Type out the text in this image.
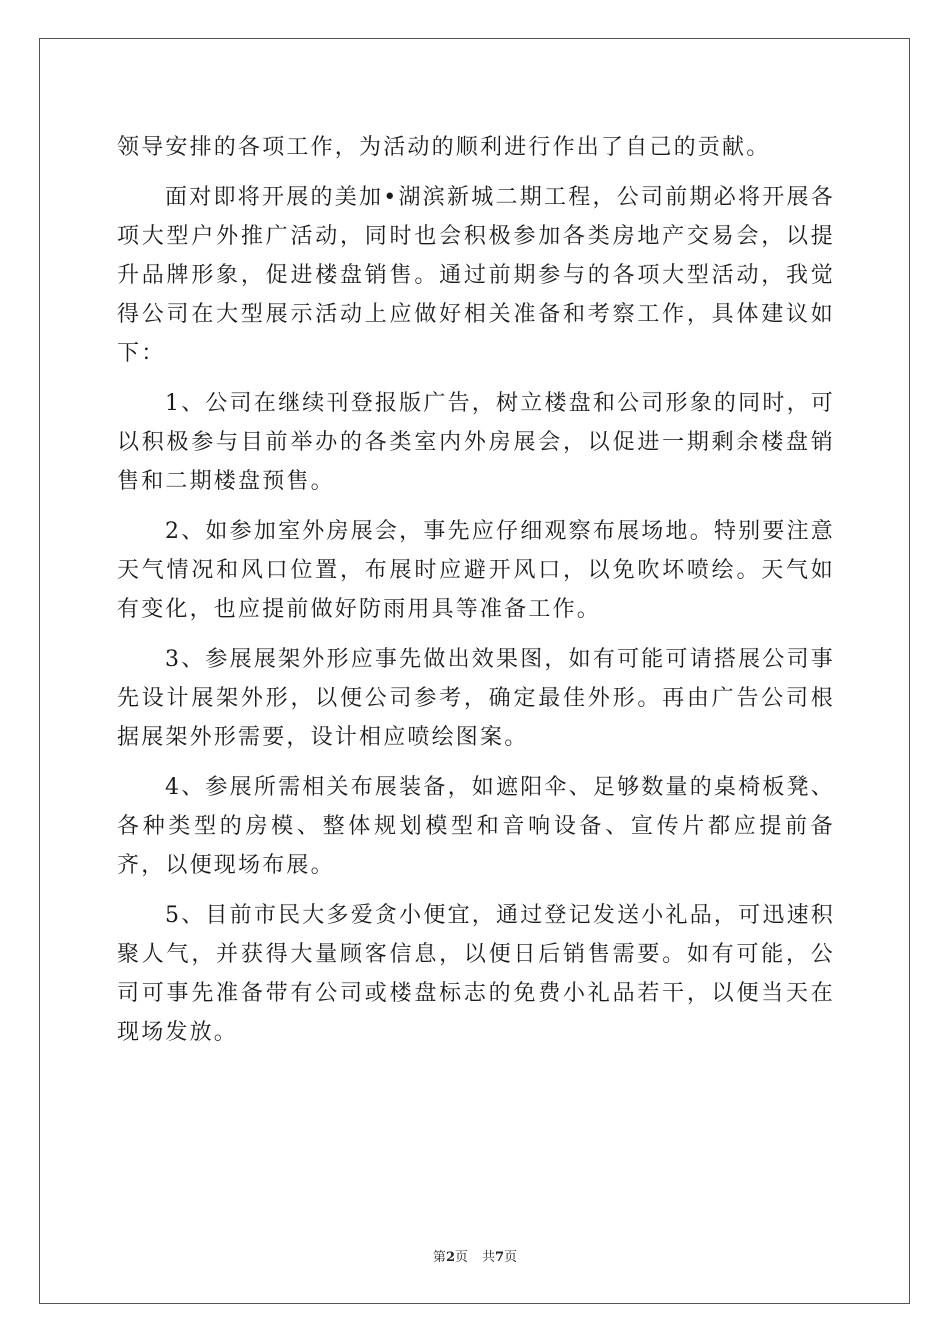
领导安排的各项工作，为活动的顺利进行作出了自己的贡献。

面对即将开展的美加•湖滨新城二期工程，公司前期必将开展各项大型户外推广活动，同时也会积极参加各类房地产交易会，以提升品牌形象，促进楼盘销售。通过前期参与的各项大型活动，我觉得公司在大型展示活动上应做好相关准备和考察工作，具体建议如下：

1、公司在继续刊登报版广告，树立楼盘和公司形象的同时，可以积极参与目前举办的各类室内外房展会，以促进一期剩余楼盘销售和二期楼盘预售。

2、如参加室外房展会，事先应仔细观察布展场地。特别要注意天气情况和风口位置，布展时应避开风口，以免吹坏喷绘。天气如有变化，也应提前做好防雨用具等准备工作。

3、参展展架外形应事先做出效果图，如有可能可请搭展公司事先设计展架外形，以便公司参考，确定最佳外形。再由广告公司根据展架外形需要，设计相应喷绘图案。

4、参展所需相关布展装备，如遮阳伞、足够数量的桌椅板凳、各种类型的房模、整体规划模型和音响设备、宣传片都应提前备齐，以便现场布展。

5、目前市民大多爱贪小便宜，通过登记发送小礼品，可迅速积聚人气，并获得大量顾客信息，以便日后销售需要。如有可能，公司可事先准备带有公司或楼盘标志的免费小礼品若干，以便当天在现场发放。

第2页 共7页
